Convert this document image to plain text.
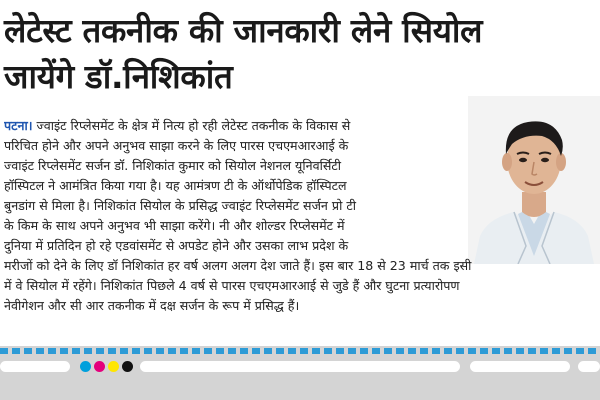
लेटेस्ट तकनीक की जानकारी लेने सियोल
जायेंगे डॉ.निशिकांत

पटना। ज्वाइंट रिप्लेसमेंट के क्षेत्र में नित्य हो रही लेटेस्ट तकनीक के विकास से
परिचित होने और अपने अनुभव साझा करने के लिए पारस एचएमआरआई के
ज्वाइंट रिप्लेसमेंट सर्जन डॉ. निशिकांत कुमार को सियोल नेशनल यूनिवर्सिटी
हॉस्पिटल ने आमंत्रित किया गया है। यह आमंत्रण टी के ऑर्थोपेडिक हॉस्पिटल
बुनडांग से मिला है। निशिकांत सियोल के प्रसिद्ध ज्वाइंट रिप्लेसमेंट सर्जन प्रो टी
के किम के साथ अपने अनुभव भी साझा करेंगे। नी और शोल्डर रिप्लेसमेंट में
दुनिया में प्रतिदिन हो रहे एडवांसमेंट से अपडेट होने और उसका लाभ प्रदेश के
मरीजों को देने के लिए डॉ निशिकांत हर वर्ष अलग अलग देश जाते हैं। इस बार 18 से 23 मार्च तक इसी
में वे सियोल में रहेंगे। निशिकांत पिछले 4 वर्ष से पारस एचएमआरआई से जुडे हैं और घुटना प्रत्यारोपण
नेवीगेशन और सी आर तकनीक में दक्ष सर्जन के रूप में प्रसिद्ध हैं।
